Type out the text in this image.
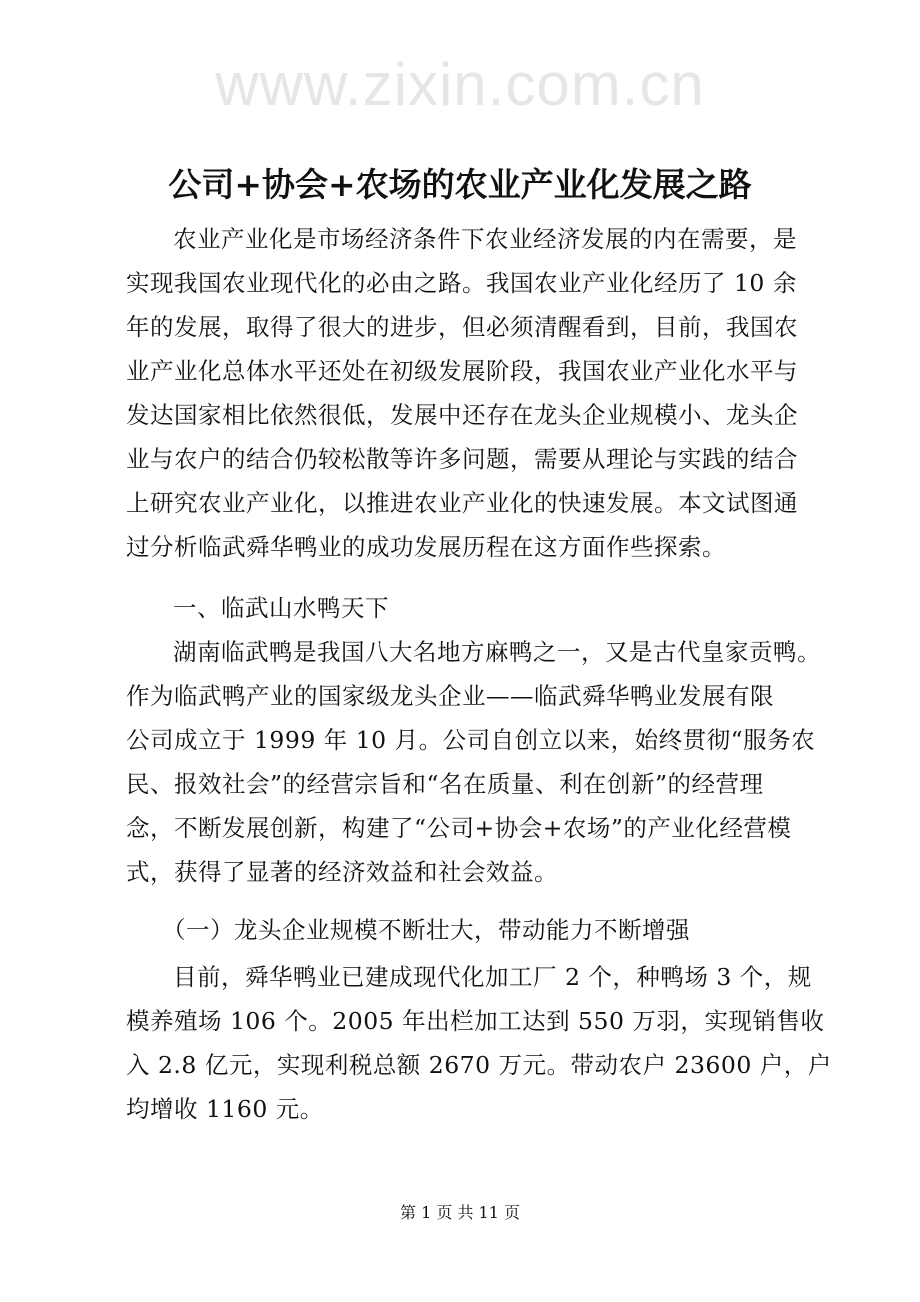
www.zixin.com.cn
公司+协会+农场的农业产业化发展之路
农业产业化是市场经济条件下农业经济发展的内在需要，是
实现我国农业现代化的必由之路。我国农业产业化经历了 10 余
年的发展，取得了很大的进步，但必须清醒看到，目前，我国农
业产业化总体水平还处在初级发展阶段，我国农业产业化水平与
发达国家相比依然很低，发展中还存在龙头企业规模小、龙头企
业与农户的结合仍较松散等许多问题，需要从理论与实践的结合
上研究农业产业化，以推进农业产业化的快速发展。本文试图通
过分析临武舜华鸭业的成功发展历程在这方面作些探索。
一、临武山水鸭天下
湖南临武鸭是我国八大名地方麻鸭之一，又是古代皇家贡鸭。
作为临武鸭产业的国家级龙头企业——临武舜华鸭业发展有限
公司成立于 1999 年 10 月。公司自创立以来，始终贯彻“服务农
民、报效社会”的经营宗旨和“名在质量、利在创新”的经营理
念，不断发展创新，构建了“公司+协会+农场”的产业化经营模
式，获得了显著的经济效益和社会效益。
（一）龙头企业规模不断壮大，带动能力不断增强
目前，舜华鸭业已建成现代化加工厂 2 个，种鸭场 3 个，规
模养殖场 106 个。2005 年出栏加工达到 550 万羽，实现销售收
入 2.8 亿元，实现利税总额 2670 万元。带动农户 23600 户，户
均增收 1160 元。
第 1 页 共 11 页
